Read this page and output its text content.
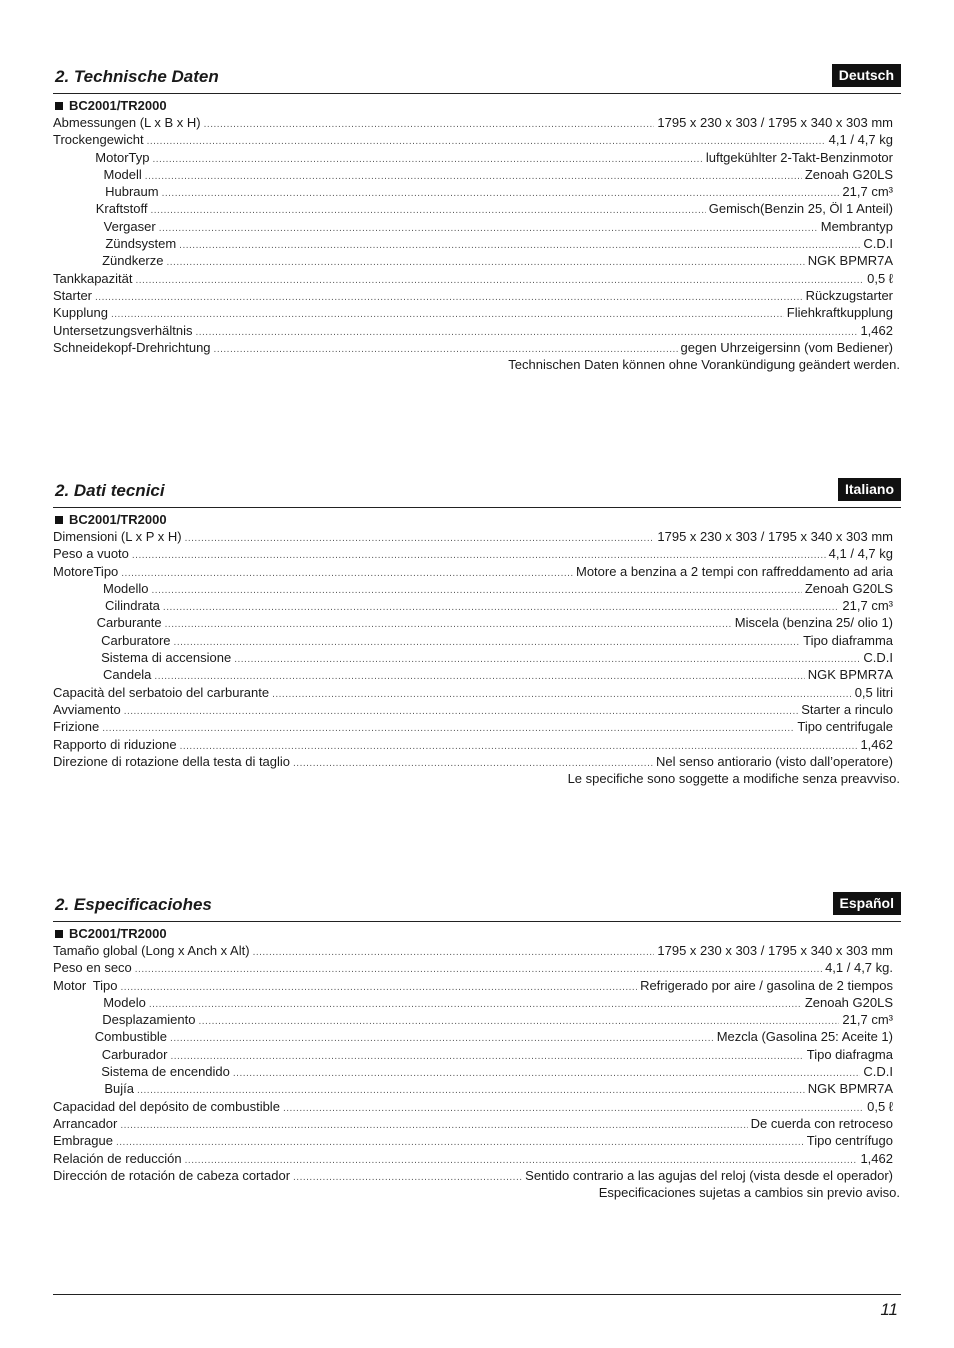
2. Technische Daten	Deutsch
BC2001/TR2000
Abmessungen (L x B x H) .....	1795 x 230 x 303 / 1795 x 340 x 303 mm
Trockengewicht .....	4,1 / 4,7 kg
MotorTyp .....	luftgekühlter 2-Takt-Benzinmotor
Modell .....	Zenoah G20LS
Hubraum .....	21,7 cm³
Kraftstoff .....	Gemisch(Benzin 25, Öl 1 Anteil)
Vergaser .....	Membrantyp
Zündsystem .....	C.D.I
Zündkerze .....	NGK BPMR7A
Tankkapazität .....	0,5 ℓ
Starter .....	Rückzugstarter
Kupplung .....	Fliehkraftkupplung
Untersetzungsverhältnis .....	1,462
Schneidekopf-Drehrichtung .....	gegen Uhrzeigersinn (vom Bediener)
Technischen Daten können ohne Vorankündigung geändert werden.
2. Dati tecnici	Italiano
BC2001/TR2000
Dimensioni (L x P x H) .....	1795 x 230 x 303 / 1795 x 340 x 303 mm
Peso a vuoto .....	4,1 / 4,7 kg
Motore Tipo .....	Motore a benzina a 2 tempi con raffreddamento ad aria
Modello .....	Zenoah G20LS
Cilindrata .....	21,7 cm³
Carburante .....	Miscela (benzina 25/ olio 1)
Carburatore .....	Tipo diaframma
Sistema di accensione .....	C.D.I
Candela .....	NGK BPMR7A
Capacità del serbatoio del carburante .....	0,5 litri
Avviamento .....	Starter a rinculo
Frizione .....	Tipo centrifugale
Rapporto di riduzione .....	1,462
Direzione di rotazione della testa di taglio .....	Nel senso antiorario (visto dall’operatore)
Le specifiche sono soggette a modifiche senza preavviso.
2. Especificaciohes	Español
BC2001/TR2000
Tamaño global (Long x Anch x Alt) .....	1795 x 230 x 303 / 1795 x 340 x 303 mm
Peso en seco .....	4,1 / 4,7 kg.
Motor Tipo .....	Refrigerado por aire / gasolina de 2 tiempos
Modelo .....	Zenoah G20LS
Desplazamiento .....	21,7 cm³
Combustible .....	Mezcla (Gasolina 25: Aceite 1)
Carburador .....	Tipo diafragma
Sistema de encendido .....	C.D.I
Bujía .....	NGK BPMR7A
Capacidad del depósito de combustible .....	0,5 ℓ
Arrancador .....	De cuerda con retroceso
Embrague .....	Tipo centrífugo
Relación de reducción .....	1,462
Dirección de rotación de cabeza cortador .....	Sentido contrario a las agujas del reloj (vista desde el operador)
Especificaciones sujetas a cambios sin previo aviso.
11
